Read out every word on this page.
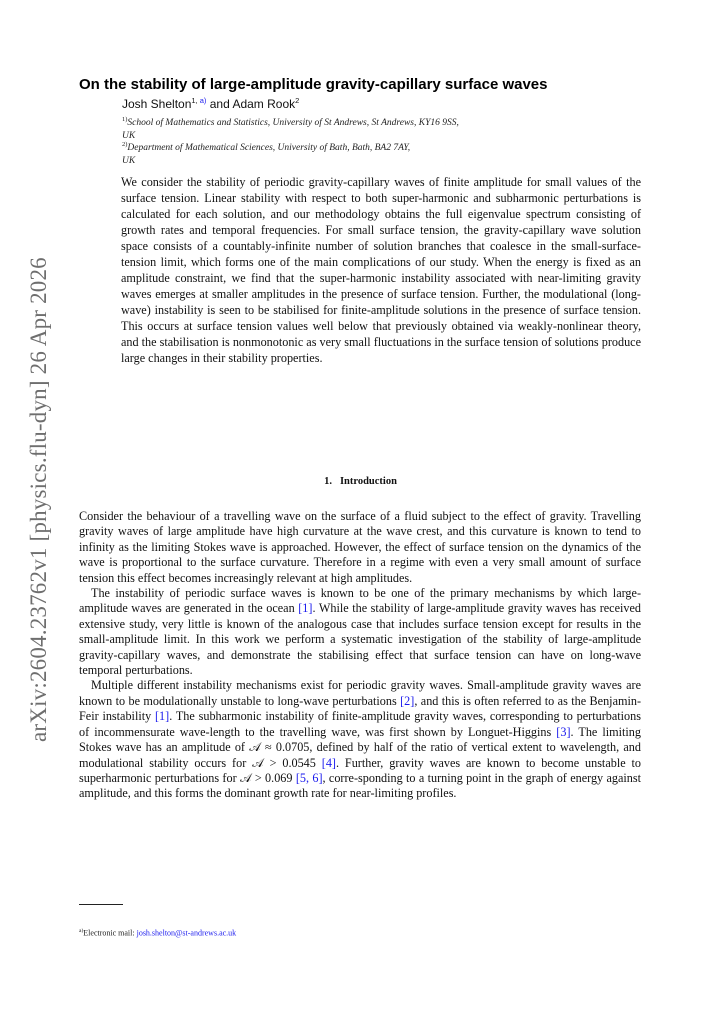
arXiv:2604.23762v1 [physics.flu-dyn] 26 Apr 2026
On the stability of large-amplitude gravity-capillary surface waves
Josh Shelton$^{1, a)}$ and Adam Rook$^2$
$^{1)}$School of Mathematics and Statistics, University of St Andrews, St Andrews, KY16 9SS,
UK
$^{2)}$Department of Mathematical Sciences, University of Bath, Bath, BA2 7AY,
UK

We consider the stability of periodic gravity-capillary waves of finite amplitude for small values of the surface tension. Linear stability with respect to both super-harmonic and subharmonic perturbations is calculated for each solution, and our methodology obtains the full eigenvalue spectrum consisting of growth rates and temporal frequencies. For small surface tension, the gravity-capillary wave solution space consists of a countably-infinite number of solution branches that coalesce in the small-surface-tension limit, which forms one of the main complications of our study. When the energy is fixed as an amplitude constraint, we find that the super-harmonic instability associated with near-limiting gravity waves emerges at smaller amplitudes in the presence of surface tension. Further, the modulational (long-wave) instability is seen to be stabilised for finite-amplitude solutions in the presence of surface tension. This occurs at surface tension values well below that previously obtained via weakly-nonlinear theory, and the stabilisation is nonmonotonic as very small fluctuations in the surface tension of solutions produce large changes in their stability properties.

1. Introduction

Consider the behaviour of a travelling wave on the surface of a fluid subject to the effect of gravity. Travelling gravity waves of large amplitude have high curvature at the wave crest, and this curvature is known to tend to infinity as the limiting Stokes wave is approached. However, the effect of surface tension on the dynamics of the wave is proportional to the surface curvature. Therefore in a regime with even a very small amount of surface tension this effect becomes increasingly relevant at high amplitudes.

The instability of periodic surface waves is known to be one of the primary mechanisms by which large-amplitude waves are generated in the ocean [1]. While the stability of large-amplitude gravity waves has received extensive study, very little is known of the analogous case that includes surface tension except for results in the small-amplitude limit. In this work we perform a systematic investigation of the stability of large-amplitude gravity-capillary waves, and demonstrate the stabilising effect that surface tension can have on long-wave temporal perturbations.

Multiple different instability mechanisms exist for periodic gravity waves. Small-amplitude gravity waves are known to be modulationally unstable to long-wave perturbations [2], and this is often referred to as the Benjamin-Feir instability [1]. The subharmonic instability of finite-amplitude gravity waves, corresponding to perturbations of incommensurate wave-length to the travelling wave, was first shown by Longuet-Higgins [3]. The limiting Stokes wave has an amplitude of 𝒜 ≈ 0.0705, defined by half of the ratio of vertical extent to wavelength, and modulational stability occurs for 𝒜 > 0.0545 [4]. Further, gravity waves are known to become unstable to superharmonic perturbations for 𝒜 > 0.069 [5, 6], corre-sponding to a turning point in the graph of energy against amplitude, and this forms the dominant growth rate for near-limiting profiles.

$^{a)}$Electronic mail: josh.shelton@st-andrews.ac.uk
